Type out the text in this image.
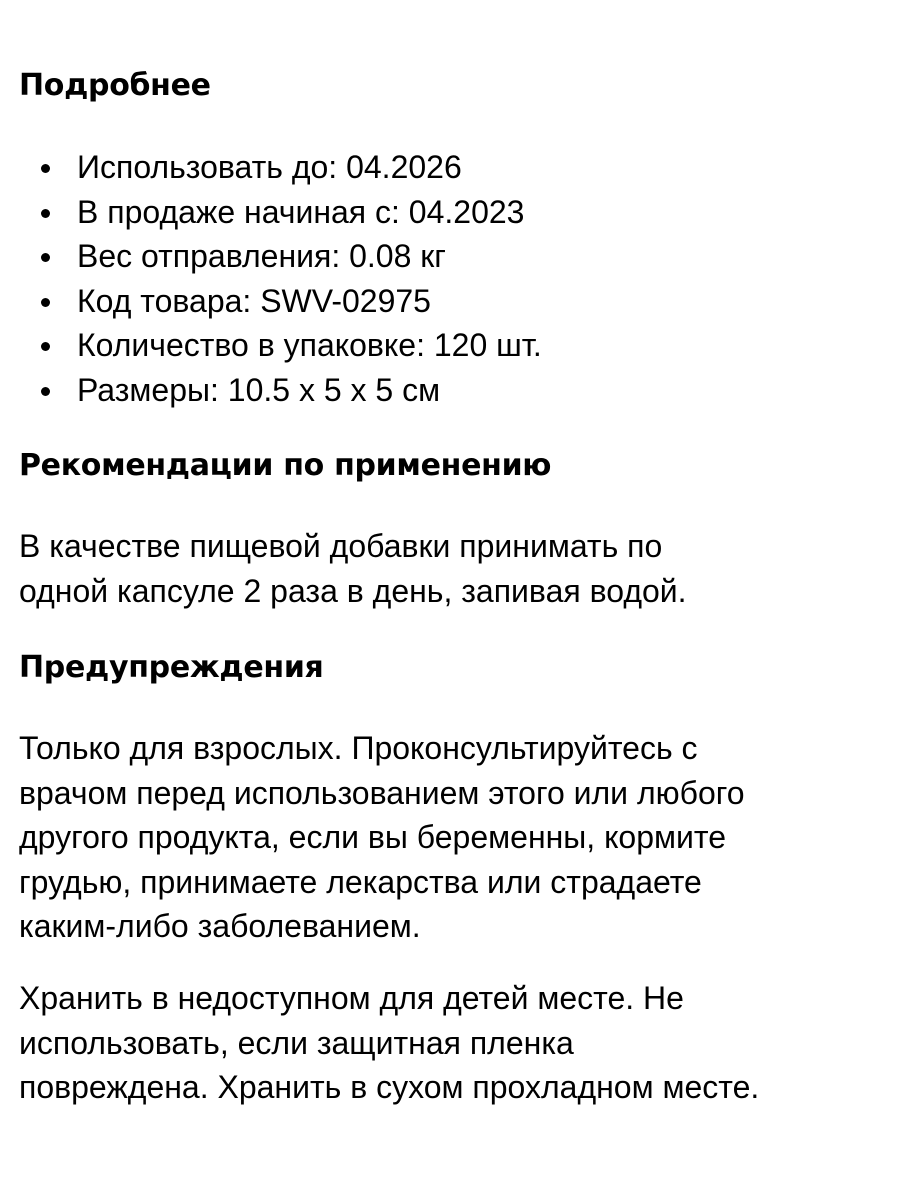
Подробнее
Использовать до: 04.2026
В продаже начиная с: 04.2023
Вес отправления: 0.08 кг
Код товара: SWV-02975
Количество в упаковке: 120 шт.
Размеры: 10.5 x 5 x 5 см
Рекомендации по применению

В качестве пищевой добавки принимать по
одной капсуле 2 раза в день, запивая водой.

Предупреждения

Только для взрослых. Проконсультируйтесь с
врачом перед использованием этого или любого
другого продукта, если вы беременны, кормите
грудью, принимаете лекарства или страдаете
каким-либо заболеванием.

Хранить в недоступном для детей месте. Не
использовать, если защитная пленка
повреждена. Хранить в сухом прохладном месте.
